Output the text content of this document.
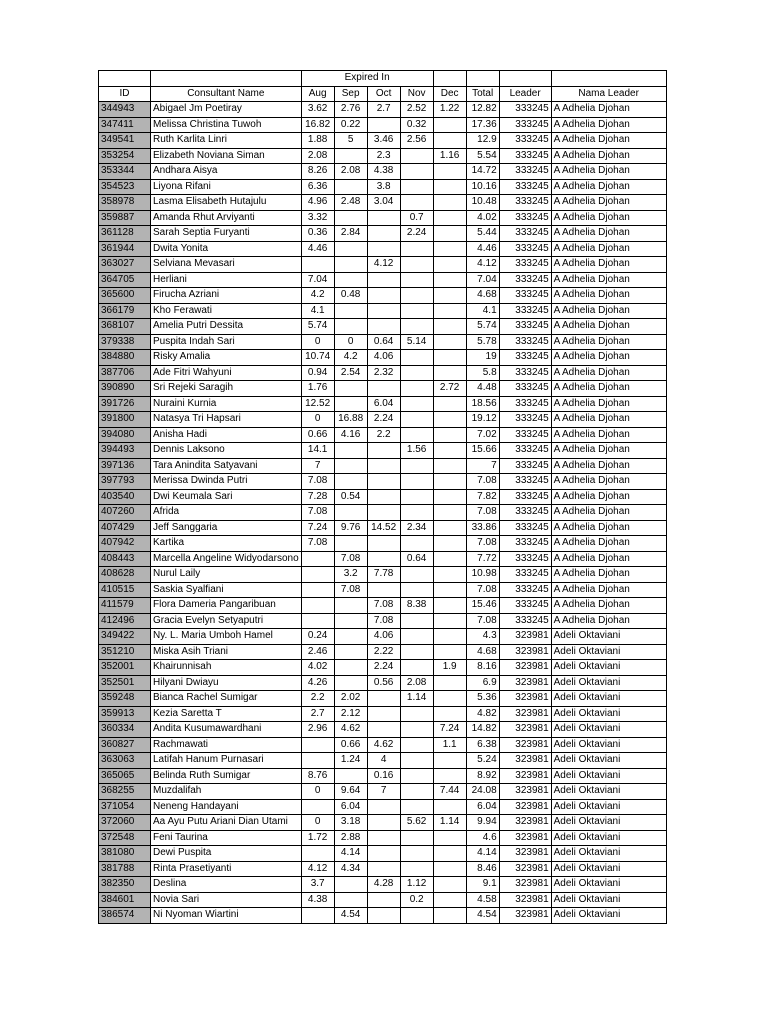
		Expired In							
ID	Consultant Name	Aug	Sep	Oct	Nov	Dec	Total	Leader	Nama Leader
344943	Abigael Jm Poetiray	3.62	2.76	2.7	2.52	1.22	12.82	333245	A Adhelia Djohan
347411	Melissa Christina Tuwoh	16.82	0.22		0.32		17.36	333245	A Adhelia Djohan
349541	Ruth Karlita Linri	1.88	5	3.46	2.56		12.9	333245	A Adhelia Djohan
353254	Elizabeth Noviana Siman	2.08		2.3		1.16	5.54	333245	A Adhelia Djohan
353344	Andhara Aisya	8.26	2.08	4.38			14.72	333245	A Adhelia Djohan
354523	Liyona Rifani	6.36		3.8			10.16	333245	A Adhelia Djohan
358978	Lasma Elisabeth Hutajulu	4.96	2.48	3.04			10.48	333245	A Adhelia Djohan
359887	Amanda Rhut Arviyanti	3.32			0.7		4.02	333245	A Adhelia Djohan
361128	Sarah Septia Furyanti	0.36	2.84		2.24		5.44	333245	A Adhelia Djohan
361944	Dwita Yonita	4.46					4.46	333245	A Adhelia Djohan
363027	Selviana Mevasari			4.12			4.12	333245	A Adhelia Djohan
364705	Herliani	7.04					7.04	333245	A Adhelia Djohan
365600	Firucha Azriani	4.2	0.48				4.68	333245	A Adhelia Djohan
366179	Kho Ferawati	4.1					4.1	333245	A Adhelia Djohan
368107	Amelia Putri Dessita	5.74					5.74	333245	A Adhelia Djohan
379338	Puspita Indah Sari	0	0	0.64	5.14		5.78	333245	A Adhelia Djohan
384880	Risky Amalia	10.74	4.2	4.06			19	333245	A Adhelia Djohan
387706	Ade Fitri Wahyuni	0.94	2.54	2.32			5.8	333245	A Adhelia Djohan
390890	Sri Rejeki Saragih	1.76				2.72	4.48	333245	A Adhelia Djohan
391726	Nuraini Kurnia	12.52		6.04			18.56	333245	A Adhelia Djohan
391800	Natasya Tri Hapsari	0	16.88	2.24			19.12	333245	A Adhelia Djohan
394080	Anisha Hadi	0.66	4.16	2.2			7.02	333245	A Adhelia Djohan
394493	Dennis Laksono	14.1			1.56		15.66	333245	A Adhelia Djohan
397136	Tara Anindita Satyavani	7					7	333245	A Adhelia Djohan
397793	Merissa Dwinda Putri	7.08					7.08	333245	A Adhelia Djohan
403540	Dwi Keumala Sari	7.28	0.54				7.82	333245	A Adhelia Djohan
407260	Afrida	7.08					7.08	333245	A Adhelia Djohan
407429	Jeff Sanggaria	7.24	9.76	14.52	2.34		33.86	333245	A Adhelia Djohan
407942	Kartika	7.08					7.08	333245	A Adhelia Djohan
408443	Marcella Angeline Widyodarsono		7.08		0.64		7.72	333245	A Adhelia Djohan
408628	Nurul Laily		3.2	7.78			10.98	333245	A Adhelia Djohan
410515	Saskia Syalfiani		7.08				7.08	333245	A Adhelia Djohan
411579	Flora Dameria Pangaribuan			7.08	8.38		15.46	333245	A Adhelia Djohan
412496	Gracia Evelyn Setyaputri			7.08			7.08	333245	A Adhelia Djohan
349422	Ny. L. Maria Umboh Hamel	0.24		4.06			4.3	323981	Adeli Oktaviani
351210	Miska Asih Triani	2.46		2.22			4.68	323981	Adeli Oktaviani
352001	Khairunnisah	4.02		2.24		1.9	8.16	323981	Adeli Oktaviani
352501	Hilyani Dwiayu	4.26		0.56	2.08		6.9	323981	Adeli Oktaviani
359248	Bianca Rachel Sumigar	2.2	2.02		1.14		5.36	323981	Adeli Oktaviani
359913	Kezia Saretta T	2.7	2.12				4.82	323981	Adeli Oktaviani
360334	Andita Kusumawardhani	2.96	4.62			7.24	14.82	323981	Adeli Oktaviani
360827	Rachmawati		0.66	4.62		1.1	6.38	323981	Adeli Oktaviani
363063	Latifah Hanum Purnasari		1.24	4			5.24	323981	Adeli Oktaviani
365065	Belinda Ruth Sumigar	8.76		0.16			8.92	323981	Adeli Oktaviani
368255	Muzdalifah	0	9.64	7		7.44	24.08	323981	Adeli Oktaviani
371054	Neneng Handayani		6.04				6.04	323981	Adeli Oktaviani
372060	Aa Ayu Putu Ariani Dian Utami	0	3.18		5.62	1.14	9.94	323981	Adeli Oktaviani
372548	Feni Taurina	1.72	2.88				4.6	323981	Adeli Oktaviani
381080	Dewi Puspita		4.14				4.14	323981	Adeli Oktaviani
381788	Rinta Prasetiyanti	4.12	4.34				8.46	323981	Adeli Oktaviani
382350	Deslina	3.7		4.28	1.12		9.1	323981	Adeli Oktaviani
384601	Novia Sari	4.38			0.2		4.58	323981	Adeli Oktaviani
386574	Ni Nyoman Wiartini		4.54				4.54	323981	Adeli Oktaviani
